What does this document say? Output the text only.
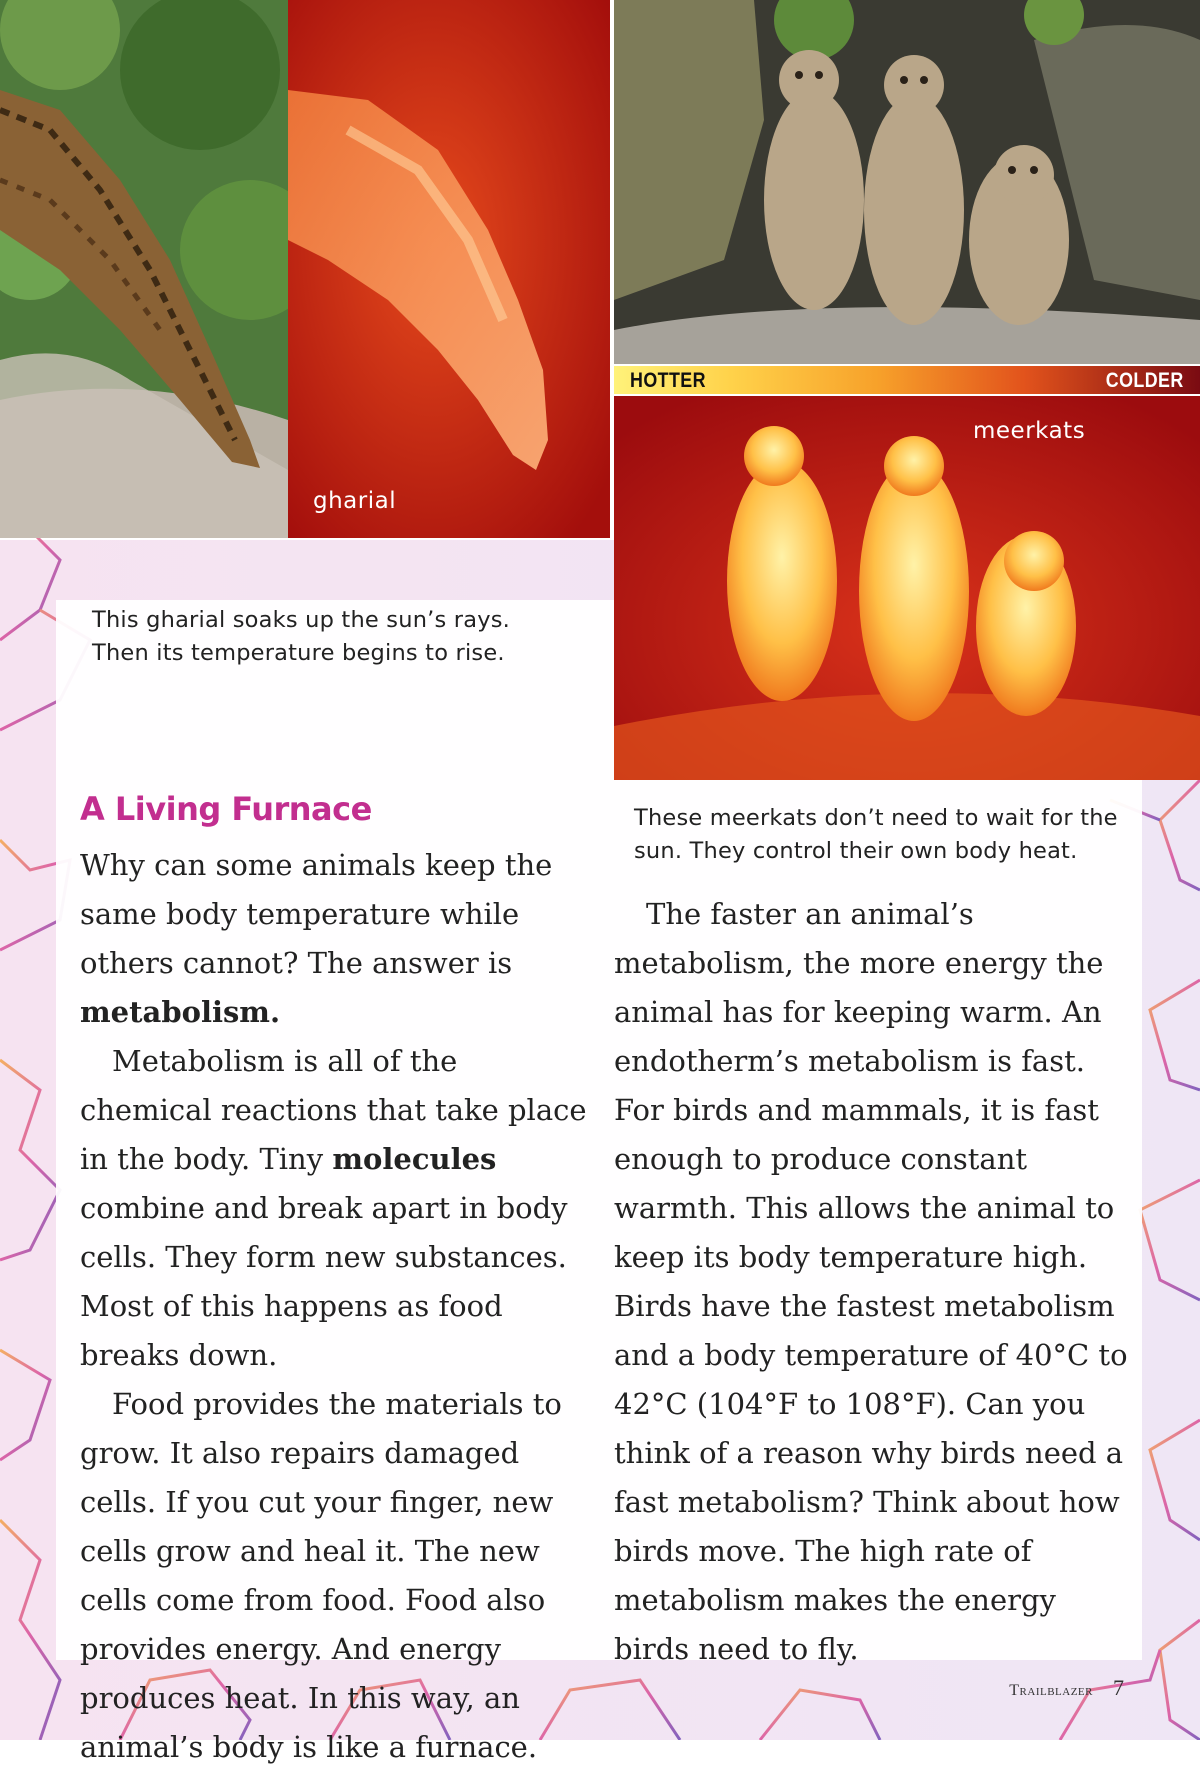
gharial
HOTTER	COLDER
meerkats
This gharial soaks up the sun’s rays. Then its temperature begins to rise.
These meerkats don’t need to wait for the sun. They control their own body heat.
A Living Furnace

Why can some animals keep the same body temperature while others cannot? The answer is metabolism.

Metabolism is all of the chemical reactions that take place in the body. Tiny molecules combine and break apart in body cells. They form new substances. Most of this happens as food breaks down.

Food provides the materials to grow. It also repairs damaged cells. If you cut your finger, new cells grow and heal it. The new cells come from food. Food also provides energy. And energy produces heat. In this way, an animal’s body is like a furnace.

The faster an animal’s metabolism, the more energy the animal has for keeping warm. An endotherm’s metabolism is fast. For birds and mammals, it is fast enough to produce constant warmth. This allows the animal to keep its body temperature high. Birds have the fastest metabolism and a body temperature of 40°C to 42°C (104°F to 108°F). Can you think of a reason why birds need a fast metabolism? Think about how birds move. The high rate of metabolism makes the energy birds need to fly.

Trailblazer 7
